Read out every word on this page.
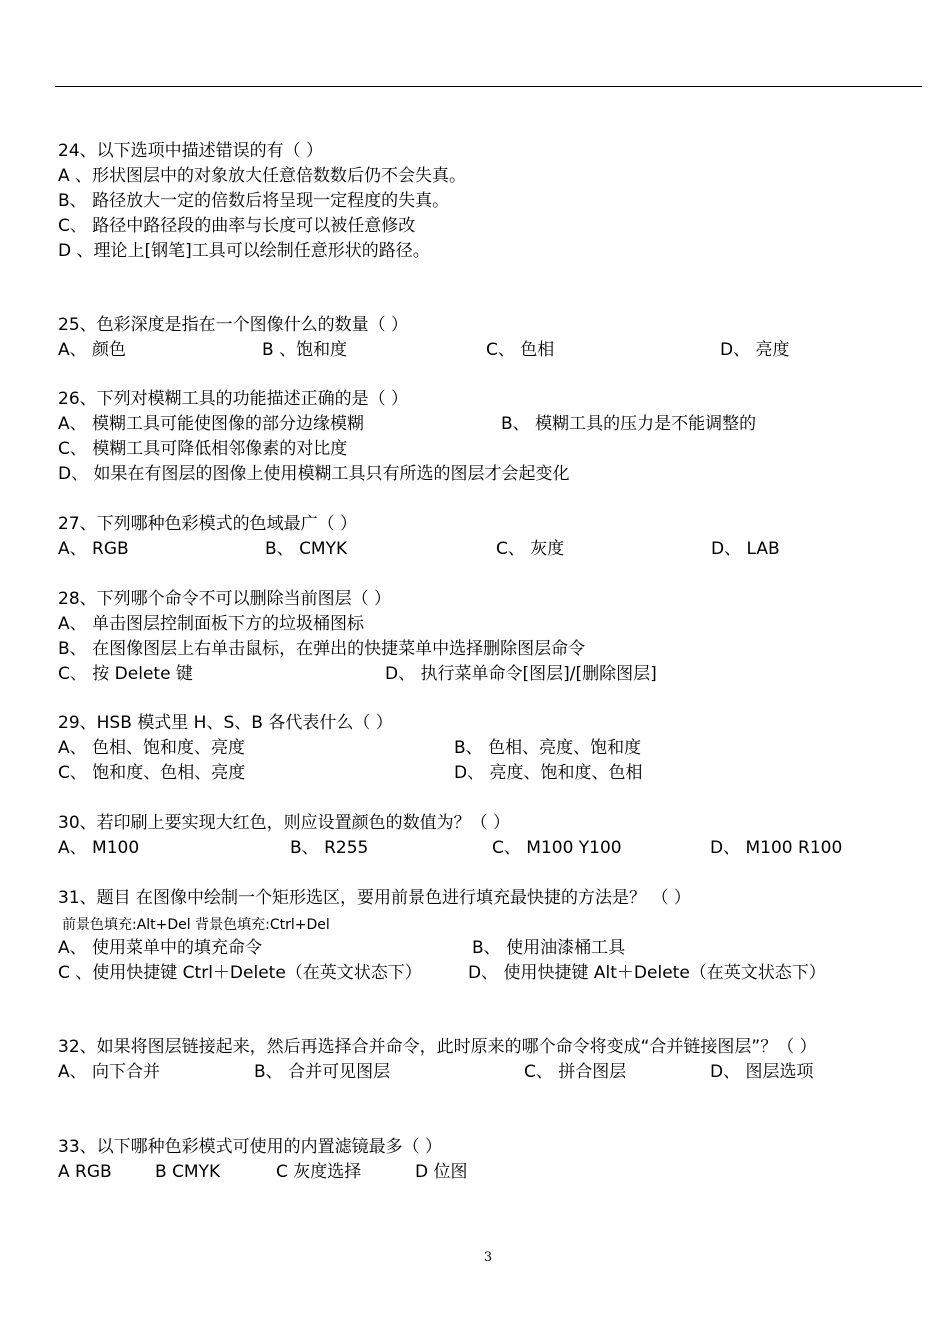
24、以下选项中描述错误的有（ ）
A 、形状图层中的对象放大任意倍数数后仍不会失真。
B、 路径放大一定的倍数后将呈现一定程度的失真。
C、 路径中路径段的曲率与长度可以被任意修改
D 、理论上[钢笔]工具可以绘制任意形状的路径。
25、色彩深度是指在一个图像什么的数量（ ）
A、 颜色	B 、饱和度	C、 色相	D、 亮度
26、下列对模糊工具的功能描述正确的是（ ）
A、 模糊工具可能使图像的部分边缘模糊	B、 模糊工具的压力是不能调整的
C、 模糊工具可降低相邻像素的对比度
D、 如果在有图层的图像上使用模糊工具只有所选的图层才会起变化
27、下列哪种色彩模式的色域最广（ ）
A、 RGB	B、 CMYK	C、 灰度	D、 LAB
28、下列哪个命令不可以删除当前图层（ ）
A、 单击图层控制面板下方的垃圾桶图标
B、 在图像图层上右单击鼠标，在弹出的快捷菜单中选择删除图层命令
C、 按 Delete 键	D、 执行菜单命令[图层]/[删除图层]
29、HSB 模式里 H、S、B 各代表什么（ ）
A、 色相、饱和度、亮度	B、 色相、亮度、饱和度
C、 饱和度、色相、亮度	D、 亮度、饱和度、色相
30、若印刷上要实现大红色，则应设置颜色的数值为？（ ）
A、 M100	B、 R255	C、 M100 Y100	D、 M100 R100
31、题目 在图像中绘制一个矩形选区，要用前景色进行填充最快捷的方法是？ （ ）
前景色填充:Alt+Del 背景色填充:Ctrl+Del
A、 使用菜单中的填充命令	B、 使用油漆桶工具
C 、使用快捷键 Ctrl＋Delete（在英文状态下）	D、 使用快捷键 Alt＋Delete（在英文状态下）
32、如果将图层链接起来，然后再选择合并命令，此时原来的哪个命令将变成“合并链接图层”？（ ）
A、 向下合并	B、 合并可见图层	C、 拼合图层	D、 图层选项
33、以下哪种色彩模式可使用的内置滤镜最多（ ）
A RGB	B CMYK	C 灰度选择	D 位图
3
